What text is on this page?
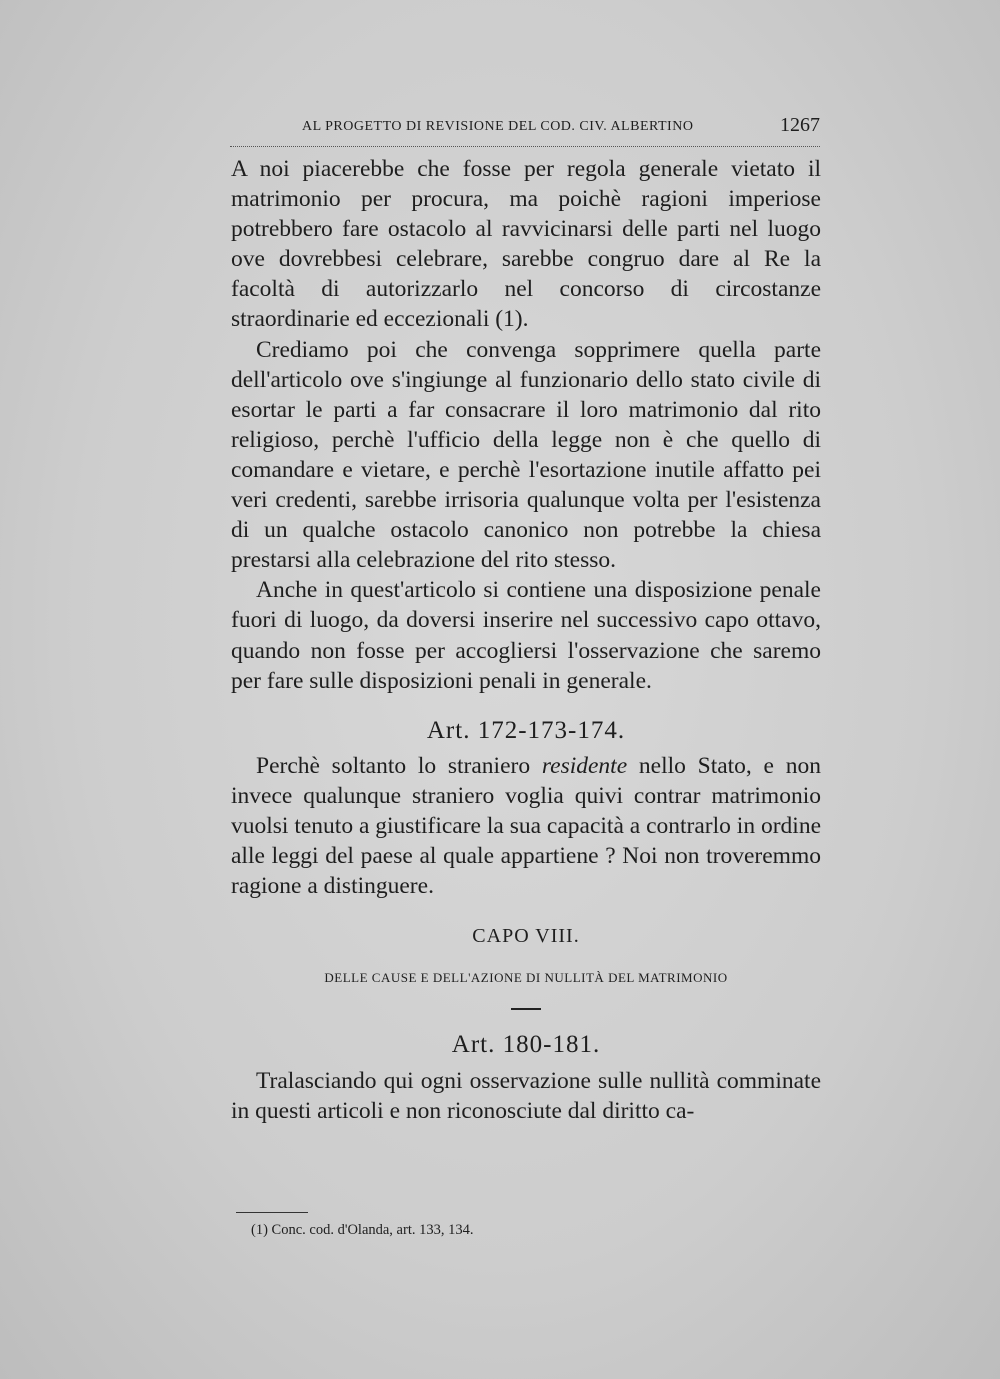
AL PROGETTO DI REVISIONE DEL COD. CIV. ALBERTINO	1267

A noi piacerebbe che fosse per regola generale vietato il matrimonio per procura, ma poichè ragioni imperiose potrebbero fare ostacolo al ravvicinarsi delle parti nel luogo ove dovrebbesi celebrare, sarebbe congruo dare al Re la facoltà di autorizzarlo nel concorso di circostanze straordinarie ed eccezionali (1).

Crediamo poi che convenga sopprimere quella parte dell'articolo ove s'ingiunge al funzionario dello stato civile di esortar le parti a far consacrare il loro matrimonio dal rito religioso, perchè l'ufficio della legge non è che quello di comandare e vietare, e perchè l'esortazione inutile affatto pei veri credenti, sarebbe irrisoria qualunque volta per l'esistenza di un qualche ostacolo canonico non potrebbe la chiesa prestarsi alla celebrazione del rito stesso.

Anche in quest'articolo si contiene una disposizione penale fuori di luogo, da doversi inserire nel successivo capo ottavo, quando non fosse per accogliersi l'osservazione che saremo per fare sulle disposizioni penali in generale.

Art. 172-173-174.

Perchè soltanto lo straniero residente nello Stato, e non invece qualunque straniero voglia quivi contrar matrimonio vuolsi tenuto a giustificare la sua capacità a contrarlo in ordine alle leggi del paese al quale appartiene ? Noi non troveremmo ragione a distinguere.

CAPO VIII.
DELLE CAUSE E DELL'AZIONE DI NULLITÀ DEL MATRIMONIO
Art. 180-181.

Tralasciando qui ogni osservazione sulle nullità comminate in questi articoli e non riconosciute dal diritto ca-

(1) Conc. cod. d'Olanda, art. 133, 134.
